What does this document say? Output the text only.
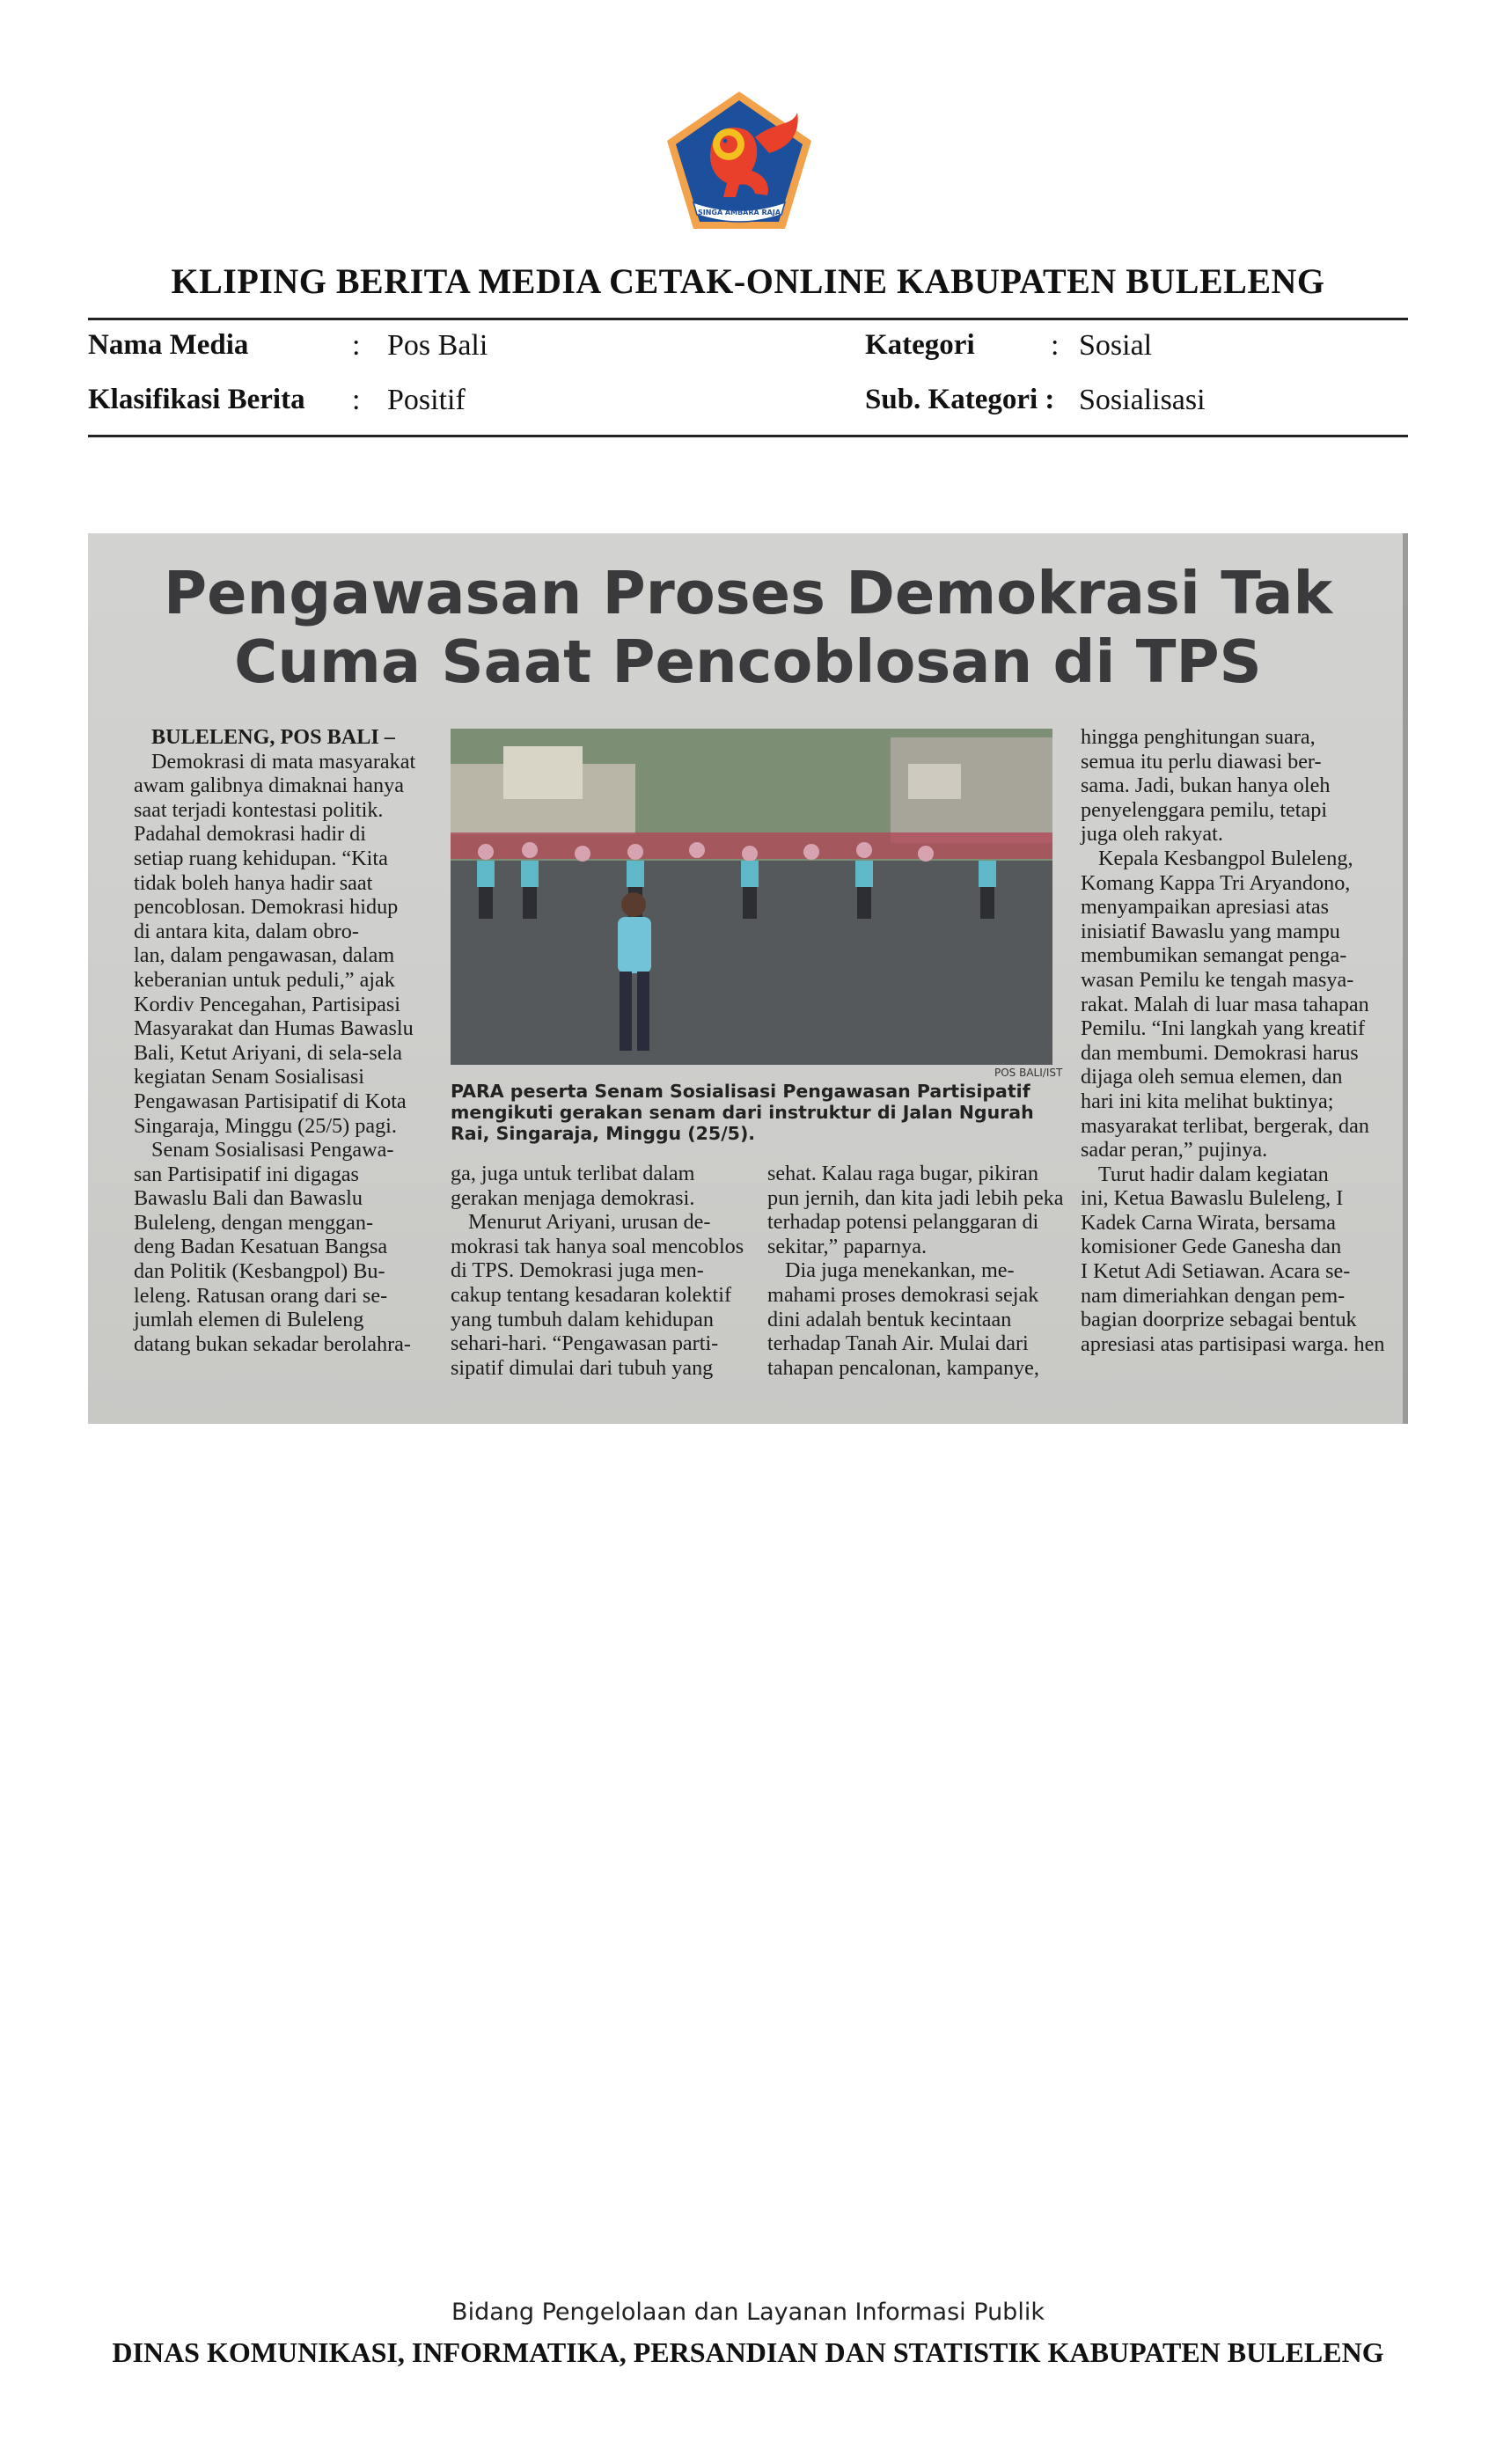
SINGA AMBARA RAJA
KLIPING BERITA MEDIA CETAK-ONLINE KABUPATEN BULELENG
Nama Media	: Pos Bali
Klasifikasi Berita : Positif
Kategori	: Sosial
Sub. Kategori : Sosialisasi
Pengawasan Proses Demokrasi Tak
Cuma Saat Pencoblosan di TPS
BULELENG, POS BALI –
Demokrasi di mata masyarakat
awam galibnya dimaknai hanya
saat terjadi kontestasi politik.
Padahal demokrasi hadir di
setiap ruang kehidupan. “Kita
tidak boleh hanya hadir saat
pencoblosan. Demokrasi hidup
di antara kita, dalam obro-
lan, dalam pengawasan, dalam
keberanian untuk peduli,” ajak
Kordiv Pencegahan, Partisipasi
Masyarakat dan Humas Bawaslu
Bali, Ketut Ariyani, di sela-sela
kegiatan Senam Sosialisasi
Pengawasan Partisipatif di Kota
Singaraja, Minggu (25/5) pagi.
Senam Sosialisasi Pengawa-
san Partisipatif ini digagas
Bawaslu Bali dan Bawaslu
Buleleng, dengan menggan-
deng Badan Kesatuan Bangsa
dan Politik (Kesbangpol) Bu-
leleng. Ratusan orang dari se-
jumlah elemen di Buleleng
datang bukan sekadar berolahra-
POS BALI/IST
PARA peserta Senam Sosialisasi Pengawasan Partisipatif mengikuti gerakan senam dari instruktur di Jalan Ngurah Rai, Singaraja, Minggu (25/5).
ga, juga untuk terlibat dalam
gerakan menjaga demokrasi.
Menurut Ariyani, urusan de-
mokrasi tak hanya soal mencoblos
di TPS. Demokrasi juga men-
cakup tentang kesadaran kolektif
yang tumbuh dalam kehidupan
sehari-hari. “Pengawasan parti-
sipatif dimulai dari tubuh yang
sehat. Kalau raga bugar, pikiran
pun jernih, dan kita jadi lebih peka
terhadap potensi pelanggaran di
sekitar,” paparnya.
Dia juga menekankan, me-
mahami proses demokrasi sejak
dini adalah bentuk kecintaan
terhadap Tanah Air. Mulai dari
tahapan pencalonan, kampanye,
hingga penghitungan suara,
semua itu perlu diawasi ber-
sama. Jadi, bukan hanya oleh
penyelenggara pemilu, tetapi
juga oleh rakyat.
Kepala Kesbangpol Buleleng,
Komang Kappa Tri Aryandono,
menyampaikan apresiasi atas
inisiatif Bawaslu yang mampu
membumikan semangat penga-
wasan Pemilu ke tengah masya-
rakat. Malah di luar masa tahapan
Pemilu. “Ini langkah yang kreatif
dan membumi. Demokrasi harus
dijaga oleh semua elemen, dan
hari ini kita melihat buktinya;
masyarakat terlibat, bergerak, dan
sadar peran,” pujinya.
Turut hadir dalam kegiatan
ini, Ketua Bawaslu Buleleng, I
Kadek Carna Wirata, bersama
komisioner Gede Ganesha dan
I Ketut Adi Setiawan. Acara se-
nam dimeriahkan dengan pem-
bagian doorprize sebagai bentuk
apresiasi atas partisipasi warga. hen
Bidang Pengelolaan dan Layanan Informasi Publik
DINAS KOMUNIKASI, INFORMATIKA, PERSANDIAN DAN STATISTIK KABUPATEN BULELENG
